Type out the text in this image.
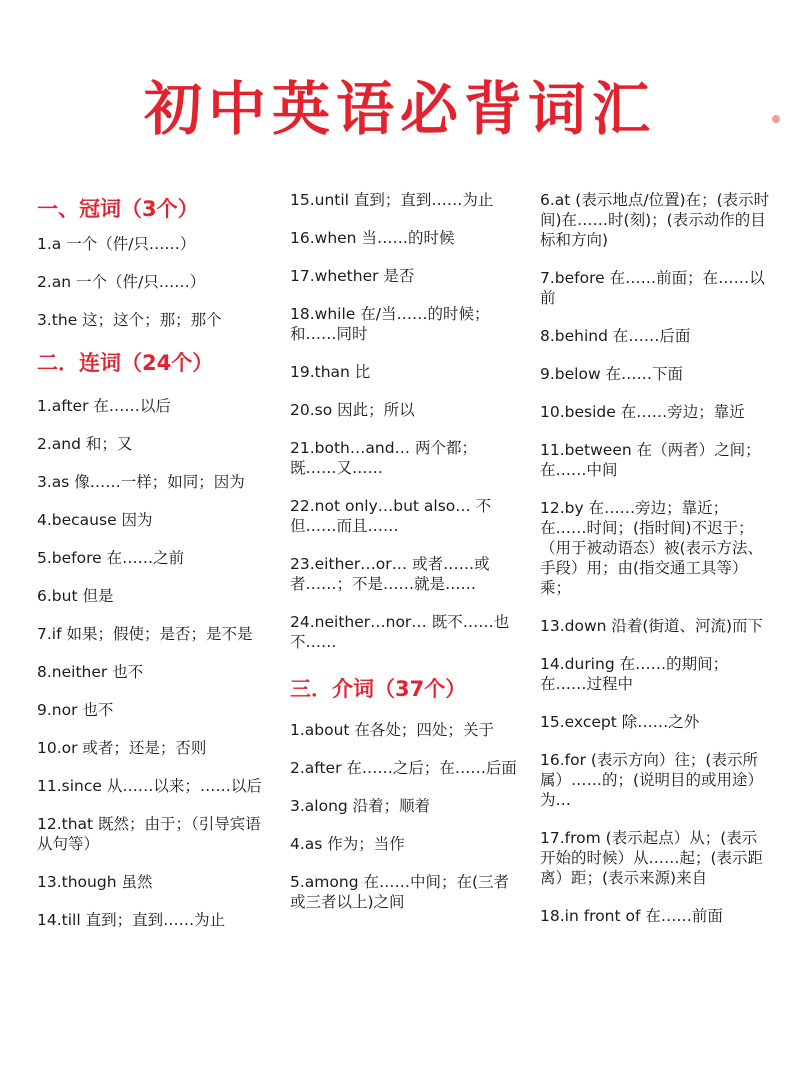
初中英语必背词汇
一、冠词（3个）
1.a 一个（件/只……）
2.an 一个（件/只……）
3.the 这；这个；那；那个
二．连词（24个）
1.after 在……以后
2.and 和；又
3.as 像……一样；如同；因为
4.because 因为
5.before 在……之前
6.but 但是
7.if 如果；假使；是否；是不是
8.neither 也不
9.nor 也不
10.or 或者；还是；否则
11.since 从……以来；……以后
12.that 既然；由于；（引导宾语从句等）
13.though 虽然
14.till 直到；直到……为止
15.until 直到；直到……为止
16.when 当……的时候
17.whether 是否
18.while 在/当……的时候；和……同时
19.than 比
20.so 因此；所以
21.both…and… 两个都；既……又……
22.not only…but also… 不但……而且……
23.either…or… 或者……或者……；不是……就是……
24.neither…nor… 既不……也不……
三．介词（37个）
1.about 在各处；四处；关于
2.after 在……之后；在……后面
3.along 沿着；顺着
4.as 作为；当作
5.among 在……中间；在(三者或三者以上)之间
6.at (表示地点/位置)在；(表示时间)在……时(刻)；(表示动作的目标和方向)
7.before 在……前面；在……以前
8.behind 在……后面
9.below 在……下面
10.beside 在……旁边；靠近
11.between 在（两者）之间；在……中间
12.by 在……旁边；靠近；在……时间；(指时间)不迟于；（用于被动语态）被(表示方法、手段）用；由(指交通工具等）乘；
13.down 沿着(街道、河流)而下
14.during 在……的期间；在……过程中
15.except 除……之外
16.for (表示方向）往；(表示所属）……的；(说明目的或用途）为…
17.from (表示起点）从；(表示开始的时候）从……起；(表示距离）距；(表示来源)来自
18.in front of 在……前面
